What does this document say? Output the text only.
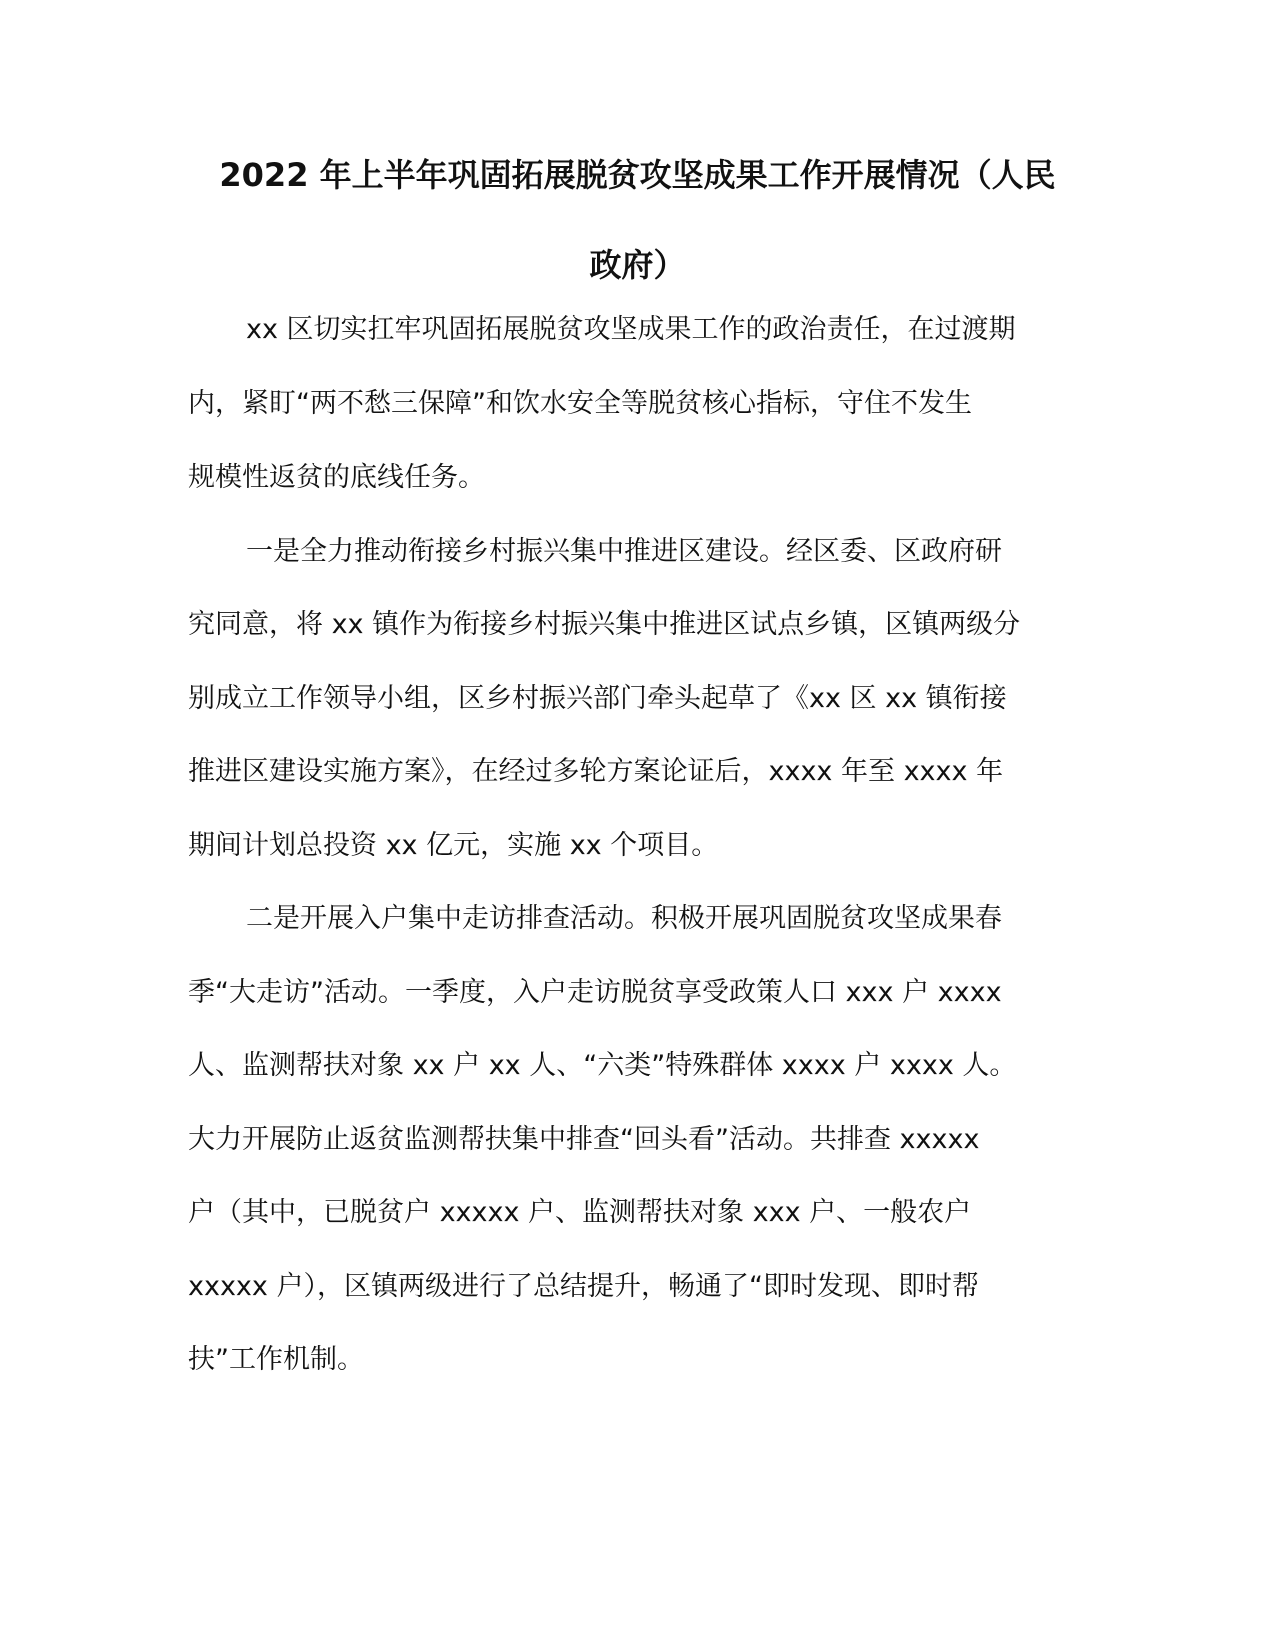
2022 年上半年巩固拓展脱贫攻坚成果工作开展情况（人民
政府）

xx 区切实扛牢巩固拓展脱贫攻坚成果工作的政治责任，在过渡期

内，紧盯“两不愁三保障”和饮水安全等脱贫核心指标，守住不发生

规模性返贫的底线任务。

一是全力推动衔接乡村振兴集中推进区建设。经区委、区政府研

究同意，将 xx 镇作为衔接乡村振兴集中推进区试点乡镇，区镇两级分

别成立工作领导小组，区乡村振兴部门牵头起草了《xx 区 xx 镇衔接

推进区建设实施方案》，在经过多轮方案论证后，xxxx 年至 xxxx 年

期间计划总投资 xx 亿元，实施 xx 个项目。

二是开展入户集中走访排查活动。积极开展巩固脱贫攻坚成果春

季“大走访”活动。一季度，入户走访脱贫享受政策人口 xxx 户 xxxx

人、监测帮扶对象 xx 户 xx 人、“六类”特殊群体 xxxx 户 xxxx 人。

大力开展防止返贫监测帮扶集中排查“回头看”活动。共排查 xxxxx

户（其中，已脱贫户 xxxxx 户、监测帮扶对象 xxx 户、一般农户

xxxxx 户），区镇两级进行了总结提升，畅通了“即时发现、即时帮

扶”工作机制。
